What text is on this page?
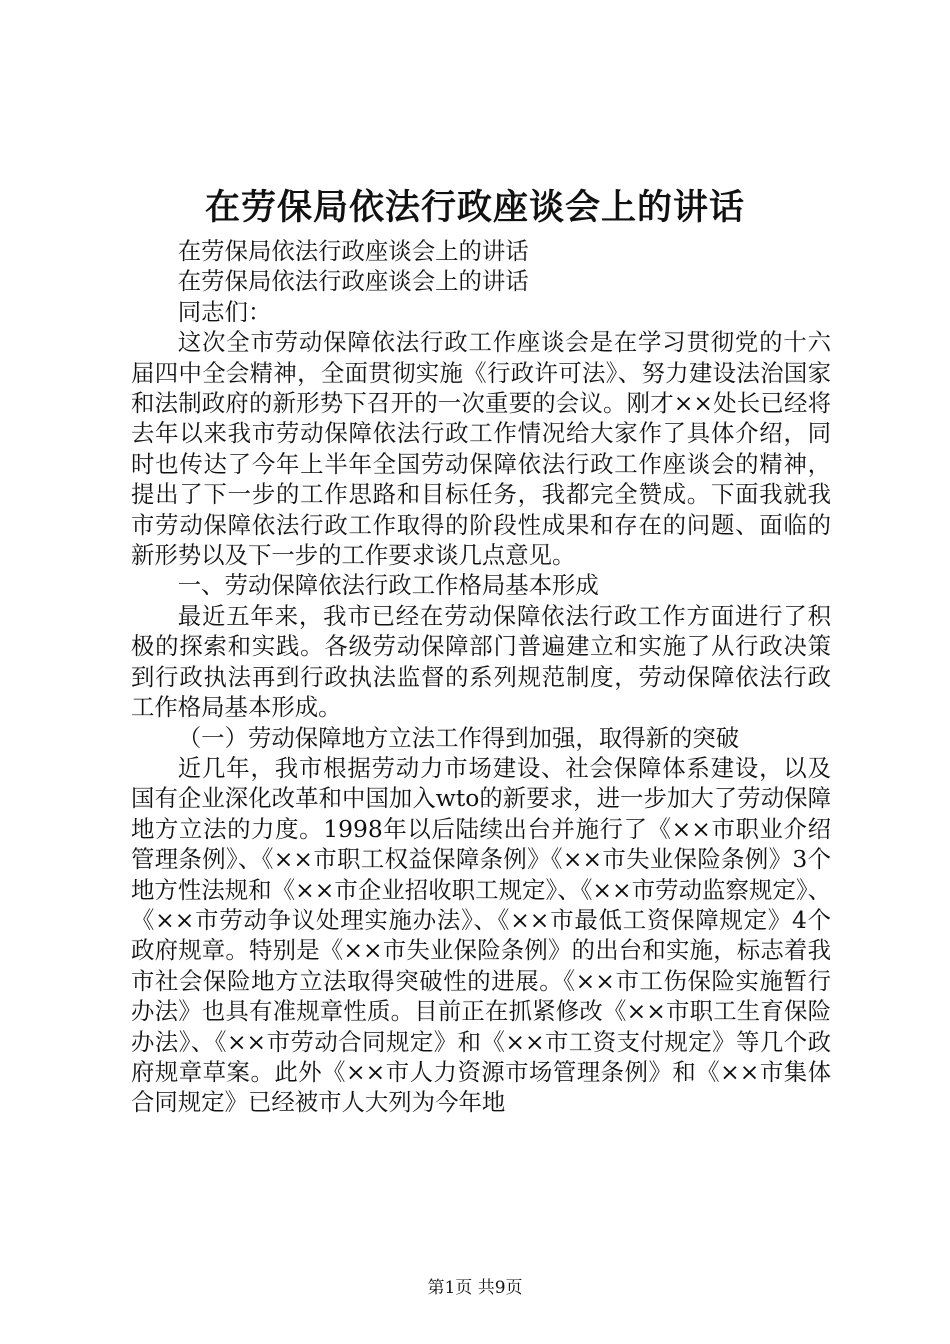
在劳保局依法行政座谈会上的讲话

在劳保局依法行政座谈会上的讲话

在劳保局依法行政座谈会上的讲话

同志们：

这次全市劳动保障依法行政工作座谈会是在学习贯彻党的十六届四中全会精神，全面贯彻实施《行政许可法》、努力建设法治国家和法制政府的新形势下召开的一次重要的会议。刚才××处长已经将去年以来我市劳动保障依法行政工作情况给大家作了具体介绍，同时也传达了今年上半年全国劳动保障依法行政工作座谈会的精神，提出了下一步的工作思路和目标任务，我都完全赞成。下面我就我市劳动保障依法行政工作取得的阶段性成果和存在的问题、面临的新形势以及下一步的工作要求谈几点意见。

一、劳动保障依法行政工作格局基本形成

最近五年来，我市已经在劳动保障依法行政工作方面进行了积极的探索和实践。各级劳动保障部门普遍建立和实施了从行政决策到行政执法再到行政执法监督的系列规范制度，劳动保障依法行政工作格局基本形成。

（一）劳动保障地方立法工作得到加强，取得新的突破

近几年，我市根据劳动力市场建设、社会保障体系建设，以及国有企业深化改革和中国加入wto的新要求，进一步加大了劳动保障地方立法的力度。1998年以后陆续出台并施行了《××市职业介绍管理条例》、《××市职工权益保障条例》《××市失业保险条例》3个地方性法规和《××市企业招收职工规定》、《××市劳动监察规定》、《××市劳动争议处理实施办法》、《××市最低工资保障规定》4个政府规章。特别是《××市失业保险条例》的出台和实施，标志着我市社会保险地方立法取得突破性的进展。《××市工伤保险实施暂行办法》也具有准规章性质。目前正在抓紧修改《××市职工生育保险办法》、《××市劳动合同规定》和《××市工资支付规定》等几个政府规章草案。此外《××市人力资源市场管理条例》和《××市集体合同规定》已经被市人大列为今年地

第1页 共9页
